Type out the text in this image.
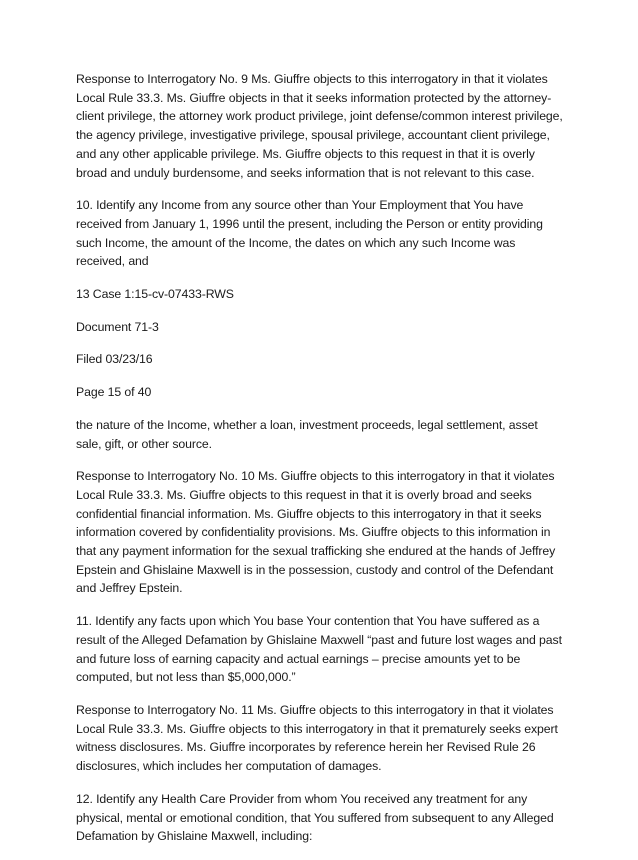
Response to Interrogatory No. 9 Ms. Giuffre objects to this interrogatory in that it violates Local Rule 33.3. Ms. Giuffre objects in that it seeks information protected by the attorney-client privilege, the attorney work product privilege, joint defense/common interest privilege, the agency privilege, investigative privilege, spousal privilege, accountant client privilege, and any other applicable privilege. Ms. Giuffre objects to this request in that it is overly broad and unduly burdensome, and seeks information that is not relevant to this case.

10. Identify any Income from any source other than Your Employment that You have received from January 1, 1996 until the present, including the Person or entity providing such Income, the amount of the Income, the dates on which any such Income was received, and

13 Case 1:15-cv-07433-RWS

Document 71-3

Filed 03/23/16

Page 15 of 40

the nature of the Income, whether a loan, investment proceeds, legal settlement, asset sale, gift, or other source.

Response to Interrogatory No. 10 Ms. Giuffre objects to this interrogatory in that it violates Local Rule 33.3. Ms. Giuffre objects to this request in that it is overly broad and seeks confidential financial information. Ms. Giuffre objects to this interrogatory in that it seeks information covered by confidentiality provisions. Ms. Giuffre objects to this information in that any payment information for the sexual trafficking she endured at the hands of Jeffrey Epstein and Ghislaine Maxwell is in the possession, custody and control of the Defendant and Jeffrey Epstein.

11. Identify any facts upon which You base Your contention that You have suffered as a result of the Alleged Defamation by Ghislaine Maxwell “past and future lost wages and past and future loss of earning capacity and actual earnings – precise amounts yet to be computed, but not less than $5,000,000.”

Response to Interrogatory No. 11 Ms. Giuffre objects to this interrogatory in that it violates Local Rule 33.3. Ms. Giuffre objects to this interrogatory in that it prematurely seeks expert witness disclosures. Ms. Giuffre incorporates by reference herein her Revised Rule 26 disclosures, which includes her computation of damages.

12. Identify any Health Care Provider from whom You received any treatment for any physical, mental or emotional condition, that You suffered from subsequent to any Alleged Defamation by Ghislaine Maxwell, including:
